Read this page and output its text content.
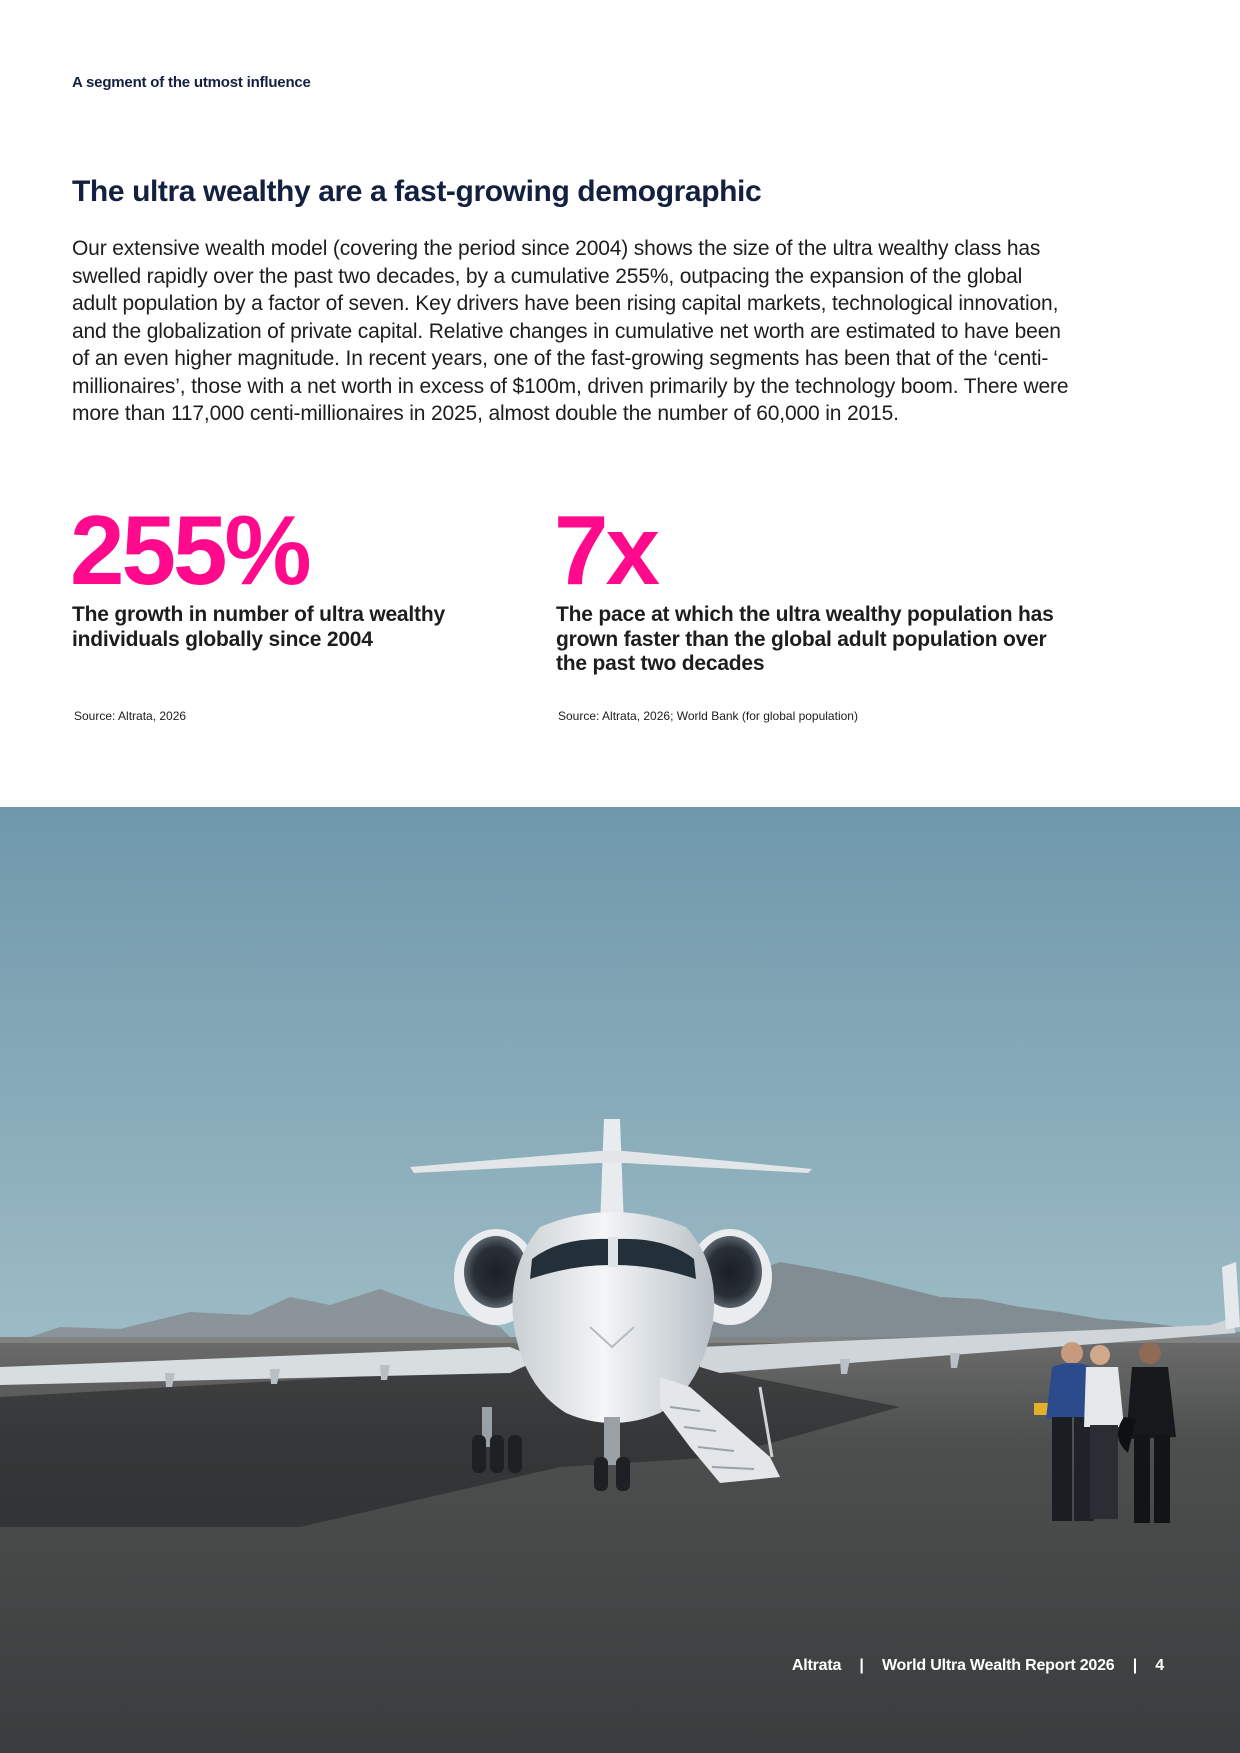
A segment of the utmost influence
The ultra wealthy are a fast-growing demographic

Our extensive wealth model (covering the period since 2004) shows the size of the ultra wealthy class has swelled rapidly over the past two decades, by a cumulative 255%, outpacing the expansion of the global adult population by a factor of seven. Key drivers have been rising capital markets, technological innovation, and the globalization of private capital. Relative changes in cumulative net worth are estimated to have been of an even higher magnitude. In recent years, one of the fast-growing segments has been that of the ‘centi-millionaires’, those with a net worth in excess of $100m, driven primarily by the technology boom. There were more than 117,000 centi-millionaires in 2025, almost double the number of 60,000 in 2015.

255%
The growth in number of ultra wealthy individuals globally since 2004
Source: Altrata, 2026
7x
The pace at which the ultra wealthy population has grown faster than the global adult population over the past two decades
Source: Altrata, 2026; World Bank (for global population)
Altrata | World Ultra Wealth Report 2026 | 4
